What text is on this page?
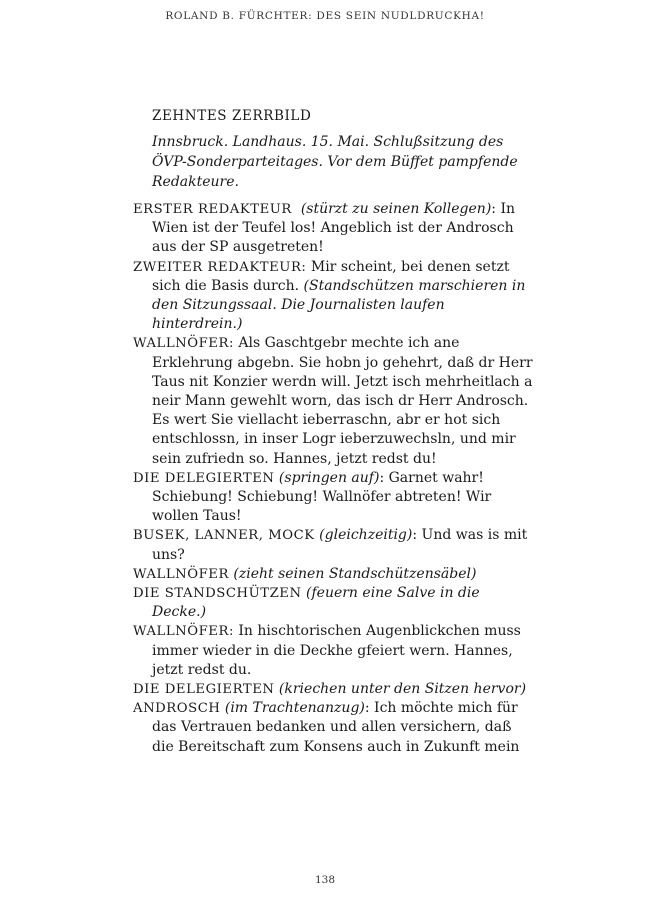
ROLAND B. FÜRCHTER: DES SEIN NUDLDRUCKHA!
ZEHNTES ZERRBILD
Innsbruck. Landhaus. 15. Mai. Schlußsitzung des ÖVP-Sonderparteitages. Vor dem Büffet pampfende Redakteure.

ERSTER REDAKTEUR (stürzt zu seinen Kollegen): In Wien ist der Teufel los! Angeblich ist der Androsch aus der SP ausgetreten!

ZWEITER REDAKTEUR: Mir scheint, bei denen setzt sich die Basis durch. (Standschützen marschieren in den Sitzungssaal. Die Journalisten laufen hinterdrein.)

WALLNÖFER: Als Gaschtgebr mechte ich ane Erklehrung abgebn. Sie hobn jo gehehrt, daß dr Herr Taus nit Konzier werdn will. Jetzt isch mehrheitlach a neir Mann gewehlt worn, das isch dr Herr Androsch. Es wert Sie viellacht ieberraschn, abr er hot sich entschlossn, in inser Logr ieberzuwechsln, und mir sein zufriedn so. Hannes, jetzt redst du!

DIE DELEGIERTEN (springen auf): Garnet wahr! Schiebung! Schiebung! Wallnöfer abtreten! Wir wollen Taus!

BUSEK, LANNER, MOCK (gleichzeitig): Und was is mit uns?

WALLNÖFER (zieht seinen Standschützensäbel)

DIE STANDSCHÜTZEN (feuern eine Salve in die Decke.)

WALLNÖFER: In hischtorischen Augenblickchen muss immer wieder in die Deckhe gfeiert wern. Hannes, jetzt redst du.

DIE DELEGIERTEN (kriechen unter den Sitzen hervor)

ANDROSCH (im Trachtenanzug): Ich möchte mich für das Vertrauen bedanken und allen versichern, daß die Bereitschaft zum Konsens auch in Zukunft mein

138
